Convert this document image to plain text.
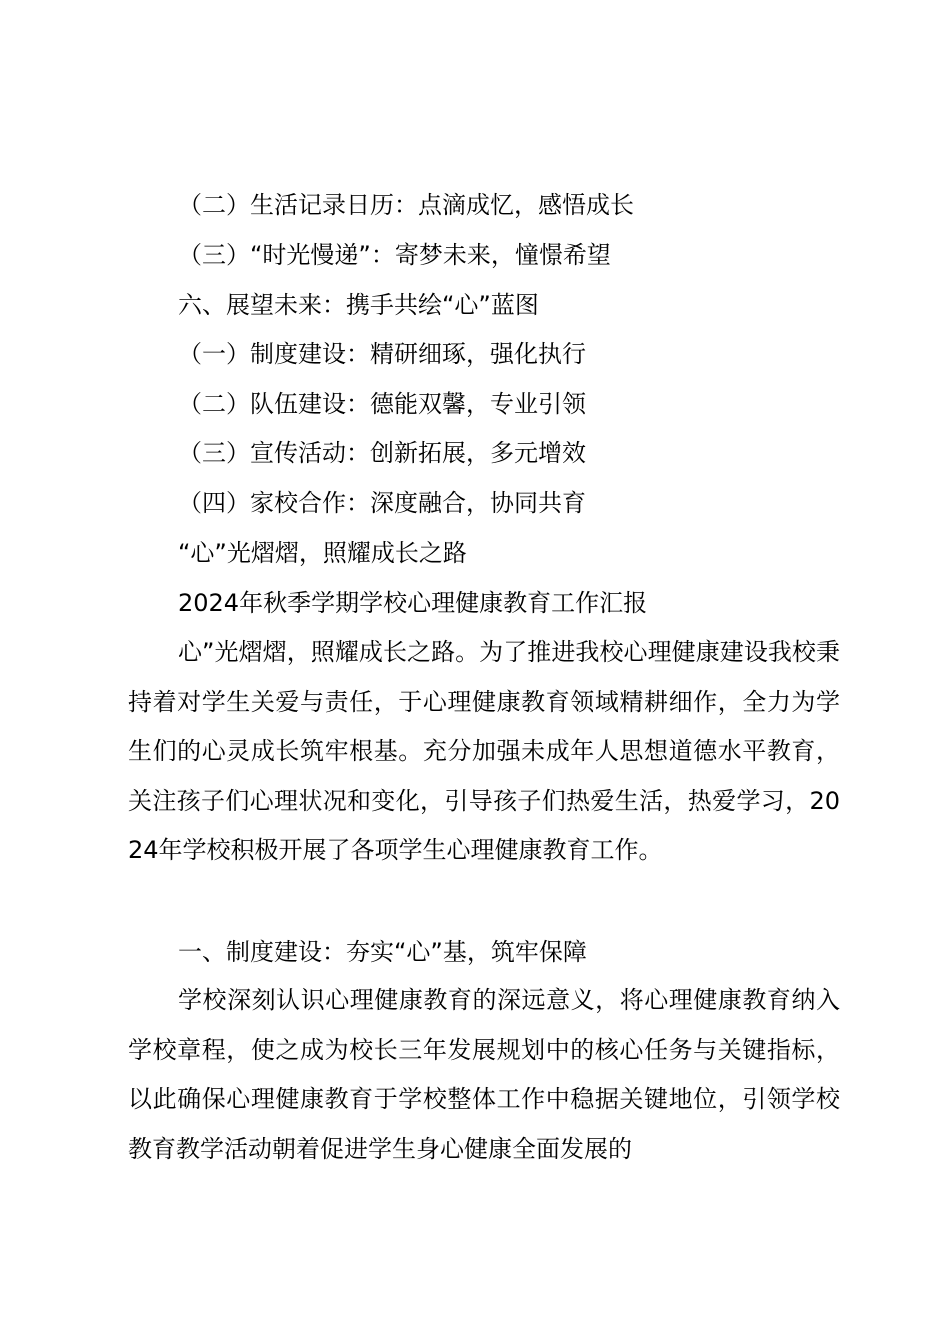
（二）生活记录日历：点滴成忆，感悟成长
（三）“时光慢递”：寄梦未来，憧憬希望
六、展望未来：携手共绘“心”蓝图
（一）制度建设：精研细琢，强化执行
（二）队伍建设：德能双馨，专业引领
（三）宣传活动：创新拓展，多元增效
（四）家校合作：深度融合，协同共育
“心”光熠熠，照耀成长之路
2024年秋季学期学校心理健康教育工作汇报

心”光熠熠，照耀成长之路。为了推进我校心理健康建设我校秉持着对学生关爱与责任，于心理健康教育领域精耕细作，全力为学生们的心灵成长筑牢根基。充分加强未成年人思想道德水平教育，关注孩子们心理状况和变化，引导孩子们热爱生活，热爱学习，2024年学校积极开展了各项学生心理健康教育工作。

一、制度建设：夯实“心”基，筑牢保障

学校深刻认识心理健康教育的深远意义，将心理健康教育纳入学校章程，使之成为校长三年发展规划中的核心任务与关键指标，以此确保心理健康教育于学校整体工作中稳据关键地位，引领学校教育教学活动朝着促进学生身心健康全面发展的
